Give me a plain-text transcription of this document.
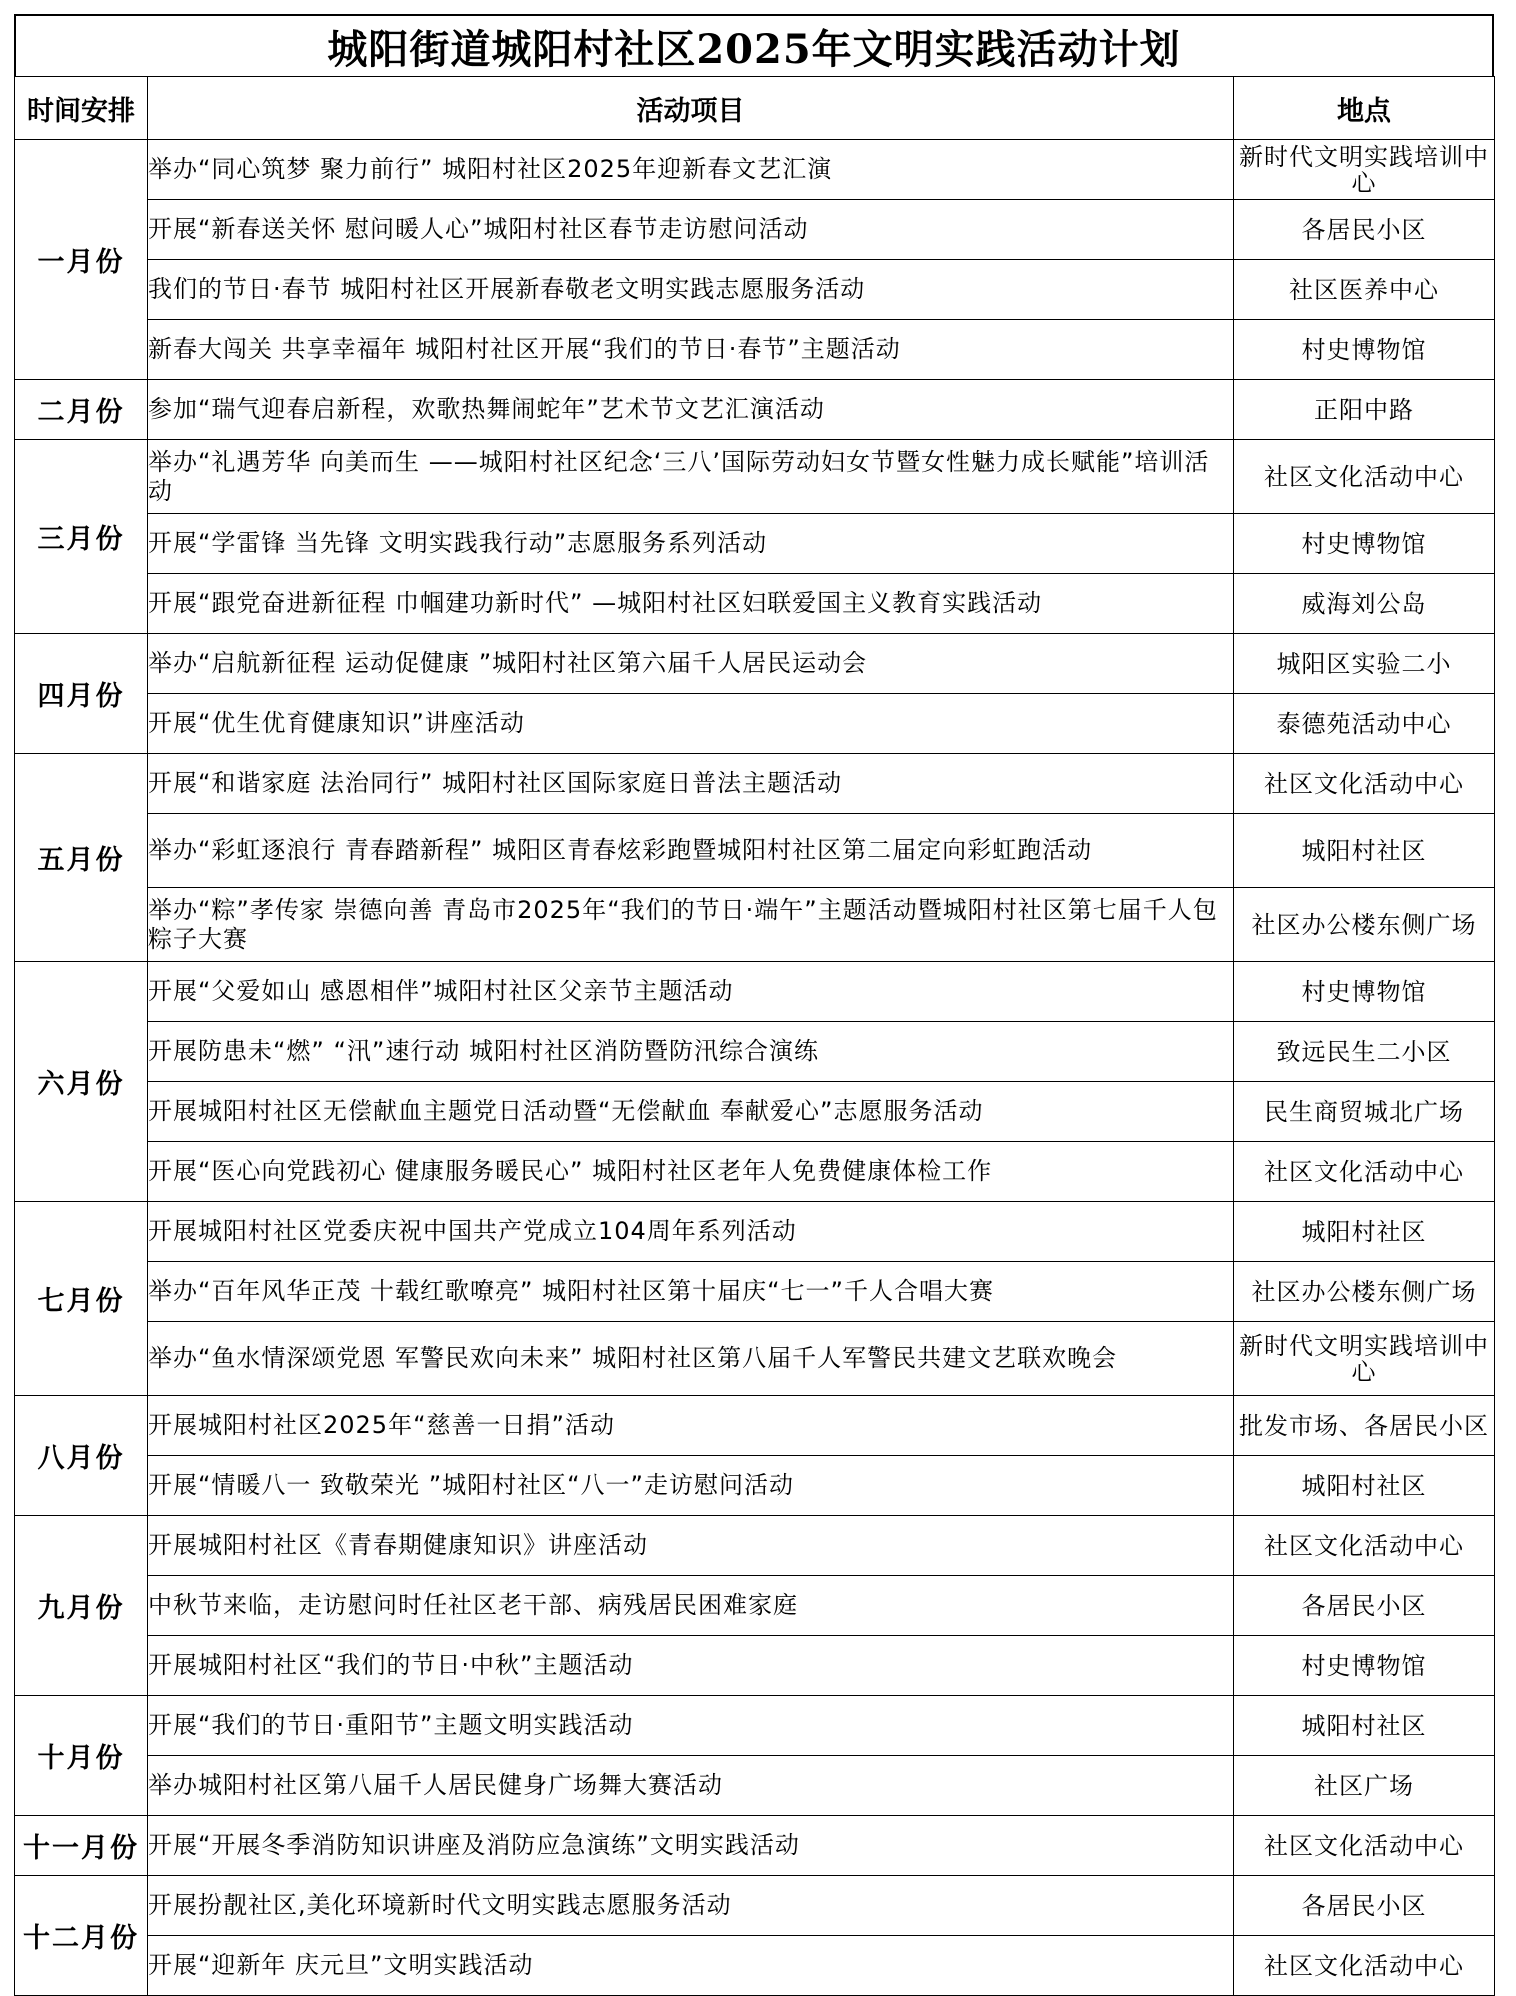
城阳街道城阳村社区2025年文明实践活动计划
时间安排	活动项目	地点
一月份	举办“同心筑梦 聚力前行” 城阳村社区2025年迎新春文艺汇演	新时代文明实践培训中心
	开展“新春送关怀 慰问暖人心”城阳村社区春节走访慰问活动	各居民小区
	我们的节日·春节 城阳村社区开展新春敬老文明实践志愿服务活动	社区医养中心
	新春大闯关 共享幸福年 城阳村社区开展“我们的节日·春节”主题活动	村史博物馆
二月份	参加“瑞气迎春启新程，欢歌热舞闹蛇年”艺术节文艺汇演活动	正阳中路
三月份	举办“礼遇芳华 向美而生 ——城阳村社区纪念‘三八’国际劳动妇女节暨女性魅力成长赋能”培训活动	社区文化活动中心
	开展“学雷锋 当先锋 文明实践我行动”志愿服务系列活动	村史博物馆
	开展“跟党奋进新征程 巾帼建功新时代” —城阳村社区妇联爱国主义教育实践活动	威海刘公岛
四月份	举办“启航新征程 运动促健康 ”城阳村社区第六届千人居民运动会	城阳区实验二小
	开展“优生优育健康知识”讲座活动	泰德苑活动中心
五月份	开展“和谐家庭 法治同行” 城阳村社区国际家庭日普法主题活动	社区文化活动中心
	举办“彩虹逐浪行 青春踏新程” 城阳区青春炫彩跑暨城阳村社区第二届定向彩虹跑活动	城阳村社区
	举办“粽”孝传家 崇德向善 青岛市2025年“我们的节日·端午”主题活动暨城阳村社区第七届千人包粽子大赛	社区办公楼东侧广场
六月份	开展“父爱如山 感恩相伴”城阳村社区父亲节主题活动	村史博物馆
	开展防患未“燃” “汛”速行动 城阳村社区消防暨防汛综合演练	致远民生二小区
	开展城阳村社区无偿献血主题党日活动暨“无偿献血 奉献爱心”志愿服务活动	民生商贸城北广场
	开展“医心向党践初心 健康服务暖民心” 城阳村社区老年人免费健康体检工作	社区文化活动中心
七月份	开展城阳村社区党委庆祝中国共产党成立104周年系列活动	城阳村社区
	举办“百年风华正茂 十载红歌嘹亮” 城阳村社区第十届庆“七一”千人合唱大赛	社区办公楼东侧广场
	举办“鱼水情深颂党恩 军警民欢向未来” 城阳村社区第八届千人军警民共建文艺联欢晚会	新时代文明实践培训中心
八月份	开展城阳村社区2025年“慈善一日捐”活动	批发市场、各居民小区
	开展“情暖八一 致敬荣光 ”城阳村社区“八一”走访慰问活动	城阳村社区
九月份	开展城阳村社区《青春期健康知识》讲座活动	社区文化活动中心
	中秋节来临，走访慰问时任社区老干部、病残居民困难家庭	各居民小区
	开展城阳村社区“我们的节日·中秋”主题活动	村史博物馆
十月份	开展“我们的节日·重阳节”主题文明实践活动	城阳村社区
	举办城阳村社区第八届千人居民健身广场舞大赛活动	社区广场
十一月份	开展“开展冬季消防知识讲座及消防应急演练”文明实践活动	社区文化活动中心
十二月份	开展扮靓社区,美化环境新时代文明实践志愿服务活动	各居民小区
	开展“迎新年 庆元旦”文明实践活动	社区文化活动中心
